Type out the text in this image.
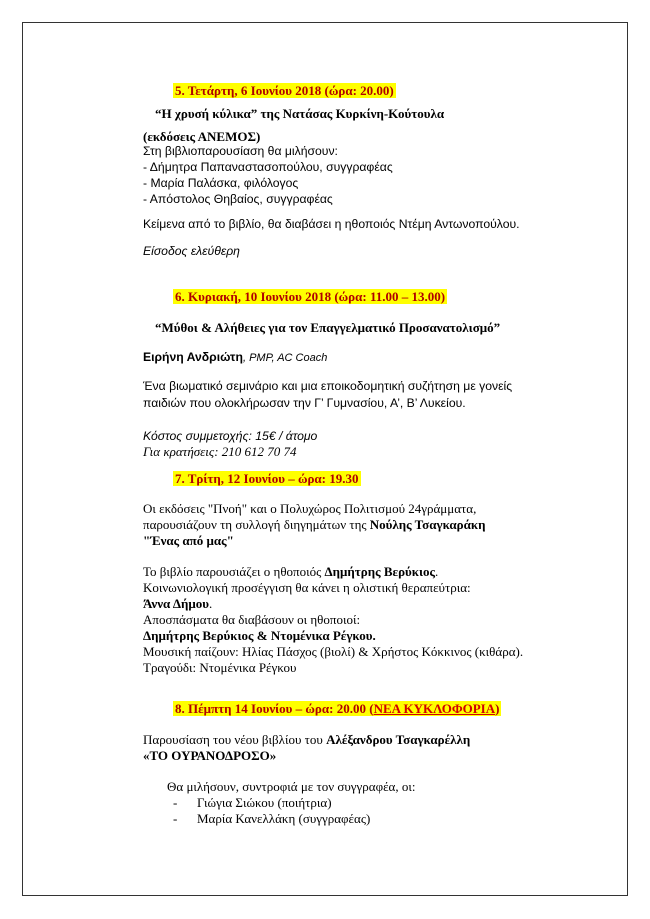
5. Τετάρτη, 6 Ιουνίου 2018 (ώρα: 20.00)
“Η χρυσή κύλικα” της Νατάσας Κυρκίνη-Κούτουλα
(εκδόσεις ΑΝΕΜΟΣ)
Στη βιβλιοπαρουσίαση θα μιλήσουν:
- Δήμητρα Παπαναστασοπούλου, συγγραφέας
- Μαρία Παλάσκα, φιλόλογος
- Απόστολος Θηβαίος, συγγραφέας
Κείμενα από το βιβλίο, θα διαβάσει η ηθοποιός Ντέμη Αντωνοπούλου.
Είσοδος ελεύθερη
6. Κυριακή, 10 Ιουνίου 2018 (ώρα: 11.00 – 13.00)
“Μύθοι & Αλήθειες για τον Επαγγελματικό Προσανατολισμό”
Ειρήνη Ανδριώτη, PMP, AC Coach
Ένα βιωματικό σεμινάριο και μια εποικοδομητική συζήτηση με γονείς
παιδιών που ολοκλήρωσαν την Γ’ Γυμνασίου, Α’, Β’ Λυκείου.
Κόστος συμμετοχής: 15€ / άτομο
Για κρατήσεις: 210 612 70 74
7. Τρίτη, 12 Ιουνίου – ώρα: 19.30
Οι εκδόσεις "Πνοή" και ο Πολυχώρος Πολιτισμού 24γράμματα,
παρουσιάζουν τη συλλογή διηγημάτων της Νούλης Τσαγκαράκη
"Ένας από μας"
Το βιβλίο παρουσιάζει ο ηθοποιός Δημήτρης Βερύκιος.
Κοινωνιολογική προσέγγιση θα κάνει η ολιστική θεραπεύτρια:
Άννα Δήμου.
Αποσπάσματα θα διαβάσουν οι ηθοποιοί:
Δημήτρης Βερύκιος & Ντομένικα Ρέγκου.
Μουσική παίζουν: Ηλίας Πάσχος (βιολί) & Χρήστος Κόκκινος (κιθάρα).
Τραγούδι: Ντομένικα Ρέγκου
8. Πέμπτη 14 Ιουνίου – ώρα: 20.00 (ΝΕΑ ΚΥΚΛΟΦΟΡΙΑ)
Παρουσίαση του νέου βιβλίου του Αλέξανδρου Τσαγκαρέλλη
«ΤΟ ΟΥΡΑΝΟΔΡΟΣΟ»
Θα μιλήσουν, συντροφιά με τον συγγραφέα, οι:
- Γιώγια Σιώκου (ποιήτρια)
- Μαρία Κανελλάκη (συγγραφέας)
